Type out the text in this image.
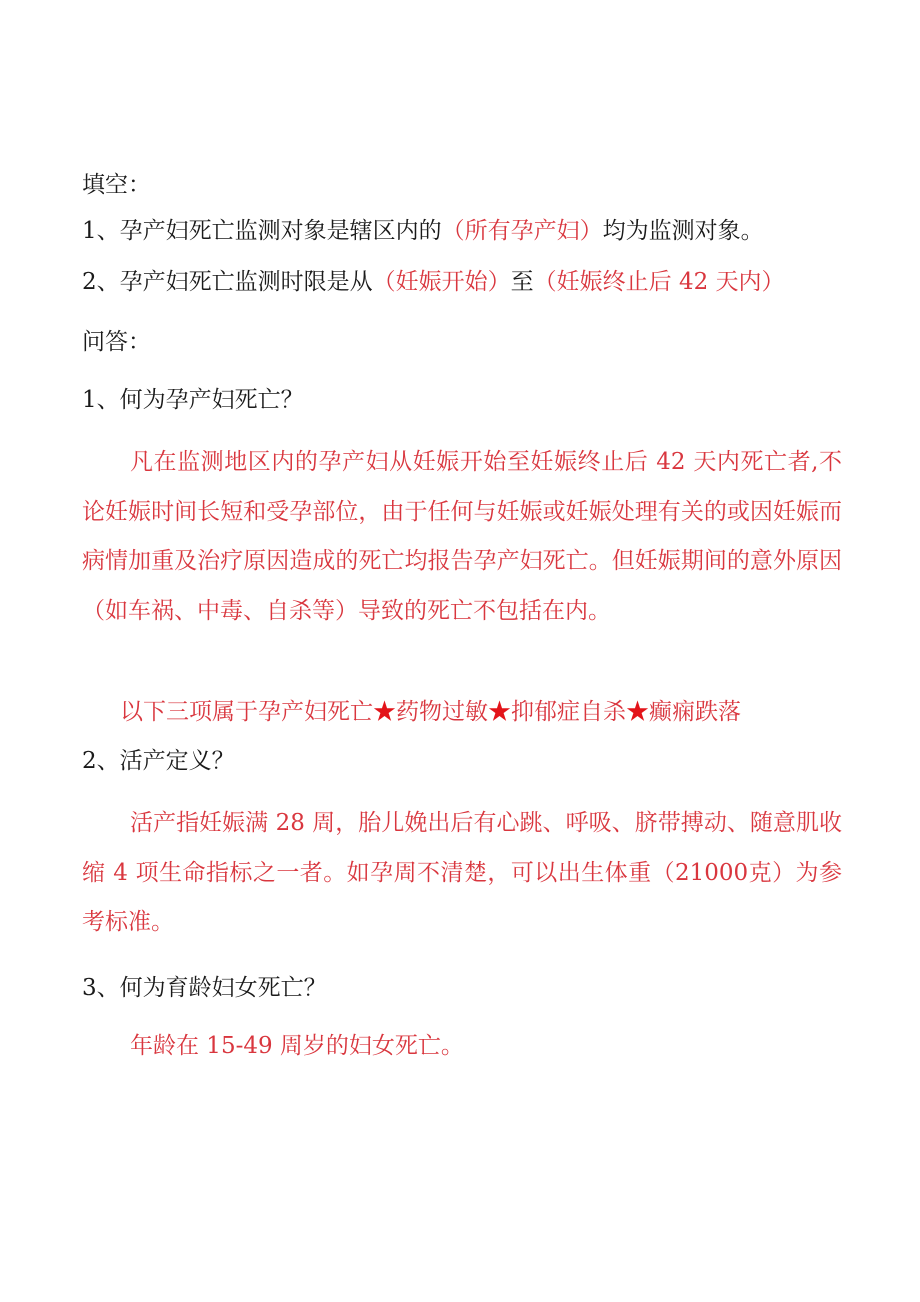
填空：
1、孕产妇死亡监测对象是辖区内的（所有孕产妇）均为监测对象。
2、孕产妇死亡监测时限是从（妊娠开始）至（妊娠终止后 42 天内）
问答：
1、何为孕产妇死亡？
凡在监测地区内的孕产妇从妊娠开始至妊娠终止后 42 天内死亡者,不论妊娠时间长短和受孕部位，由于任何与妊娠或妊娠处理有关的或因妊娠而病情加重及治疗原因造成的死亡均报告孕产妇死亡。但妊娠期间的意外原因（如车祸、中毒、自杀等）导致的死亡不包括在内。
以下三项属于孕产妇死亡★药物过敏★抑郁症自杀★癫痫跌落
2、活产定义？
活产指妊娠满 28 周，胎儿娩出后有心跳、呼吸、脐带搏动、随意肌收缩 4 项生命指标之一者。如孕周不清楚，可以出生体重（21000克）为参考标准。
3、何为育龄妇女死亡？
年龄在 15-49 周岁的妇女死亡。
